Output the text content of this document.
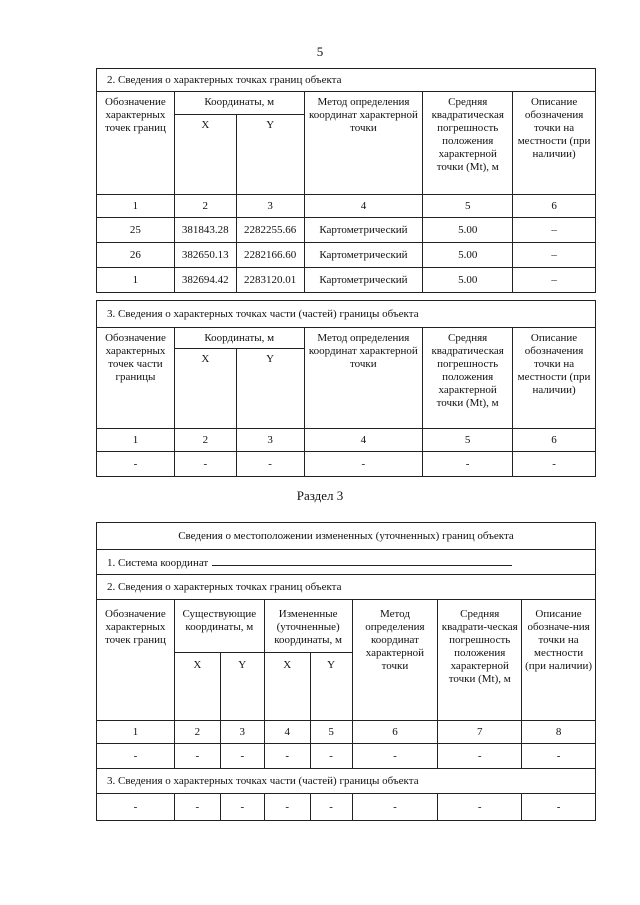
5
2. Сведения о характерных точках границ объекта					
Обозначение характерных точек границ	Координаты, м		Метод определения координат характерной точки	Средняя квадратическая погрешность положения характерной точки (Mt), м	Описание обозначения точки на местности (при наличии)
	X	Y			
1	2	3	4	5	6
25	381843.28	2282255.66	Картометрический	5.00	–
26	382650.13	2282166.60	Картометрический	5.00	–
1	382694.42	2283120.01	Картометрический	5.00	–
3. Сведения о характерных точках части (частей) границы объекта					
Обозначение характерных точек части границы	Координаты, м		Метод определения координат характерной точки	Средняя квадратическая погрешность положения характерной точки (Mt), м	Описание обозначения точки на местности (при наличии)
	X	Y			
1	2	3	4	5	6
-	-	-	-	-	-
Раздел 3
Сведения о местоположении измененных (уточненных) границ объекта							
1. Система координат							
2. Сведения о характерных точках границ объекта							
Обозначение характерных точек границ	Существующие координаты, м		Измененные (уточненные) координаты, м		Метод определения координат характерной точки	Средняя квадрати-ческая погрешность положения характерной точки (Mt), м	Описание обозначе-ния точки на местности (при наличии)
	X	Y	X	Y			
1	2	3	4	5	6	7	8
-	-	-	-	-	-	-	-
3. Сведения о характерных точках части (частей) границы объекта							
-	-	-	-	-	-	-	-
